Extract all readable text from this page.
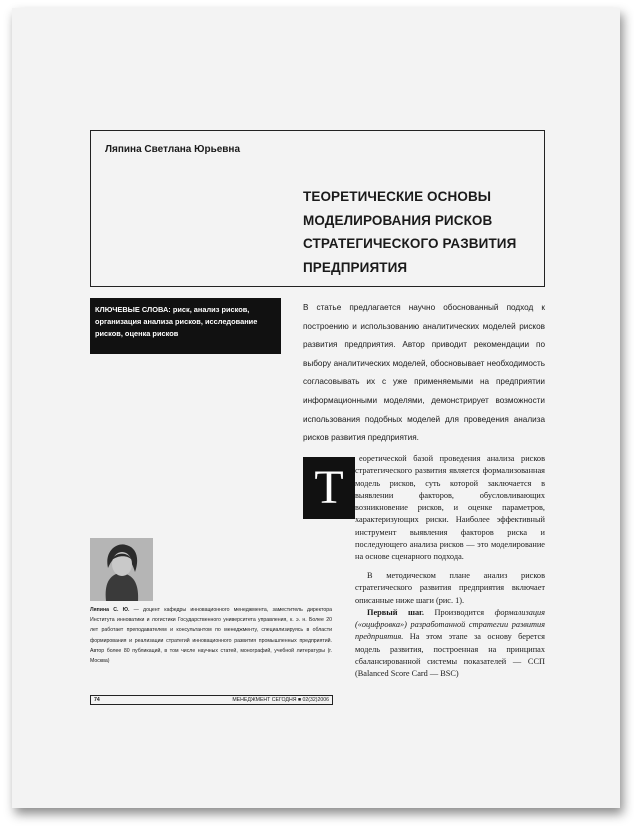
Ляпина Светлана Юрьевна
ТЕОРЕТИЧЕСКИЕ ОСНОВЫ
МОДЕЛИРОВАНИЯ РИСКОВ
СТРАТЕГИЧЕСКОГО РАЗВИТИЯ
ПРЕДПРИЯТИЯ
КЛЮЧЕВЫЕ СЛОВА: риск, анализ рисков, организация анализа рисков, исследование рисков, оценка рисков
В статье предлагается научно обоснованный подход к построению и использованию аналитических моделей рисков развития предприятия. Автор приводит рекомендации по выбору аналитических моделей, обосновывает необходимость согласовывать их с уже применяемыми на предприятии информационными моделями, демонстрирует возможности использования подобных моделей для проведения анализа рисков развития предприятия.
Т
еоретической базой проведения анализа рисков стратегического развития является формализованная модель рисков, суть которой заключается в выявлении факторов, обусловливающих возникновение рисков, и оценке параметров, характеризующих риски. Наиболее эффективный инструмент выявления факторов риска и последующего анализа рисков — это моделирование на основе сценарного подхода.

В методическом плане анализ рисков стратегического развития предприятия включает описанные ниже шаги (рис. 1).

Первый шаг. Производится формализация («оцифровка») разработанной стратегии развития предприятия. На этом этапе за основу берется модель развития, построенная на принципах сбалансированной системы показателей — ССП (Balanced Score Card — BSC)

Ляпина С. Ю. — доцент кафедры инновационного менеджмента, заместитель директора Института инноватики и логистики Государственного университета управления, к. э. н. Более 20 лет работает преподавателем и консультантом по менеджменту, специализируясь в области формирования и реализации стратегий инновационного развития промышленных предприятий. Автор более 80 публикаций, в том числе научных статей, монографий, учебной литературы (г. Москва)
74	МЕНЕДЖМЕНТ СЕГОДНЯ ■ 02(32)2006
